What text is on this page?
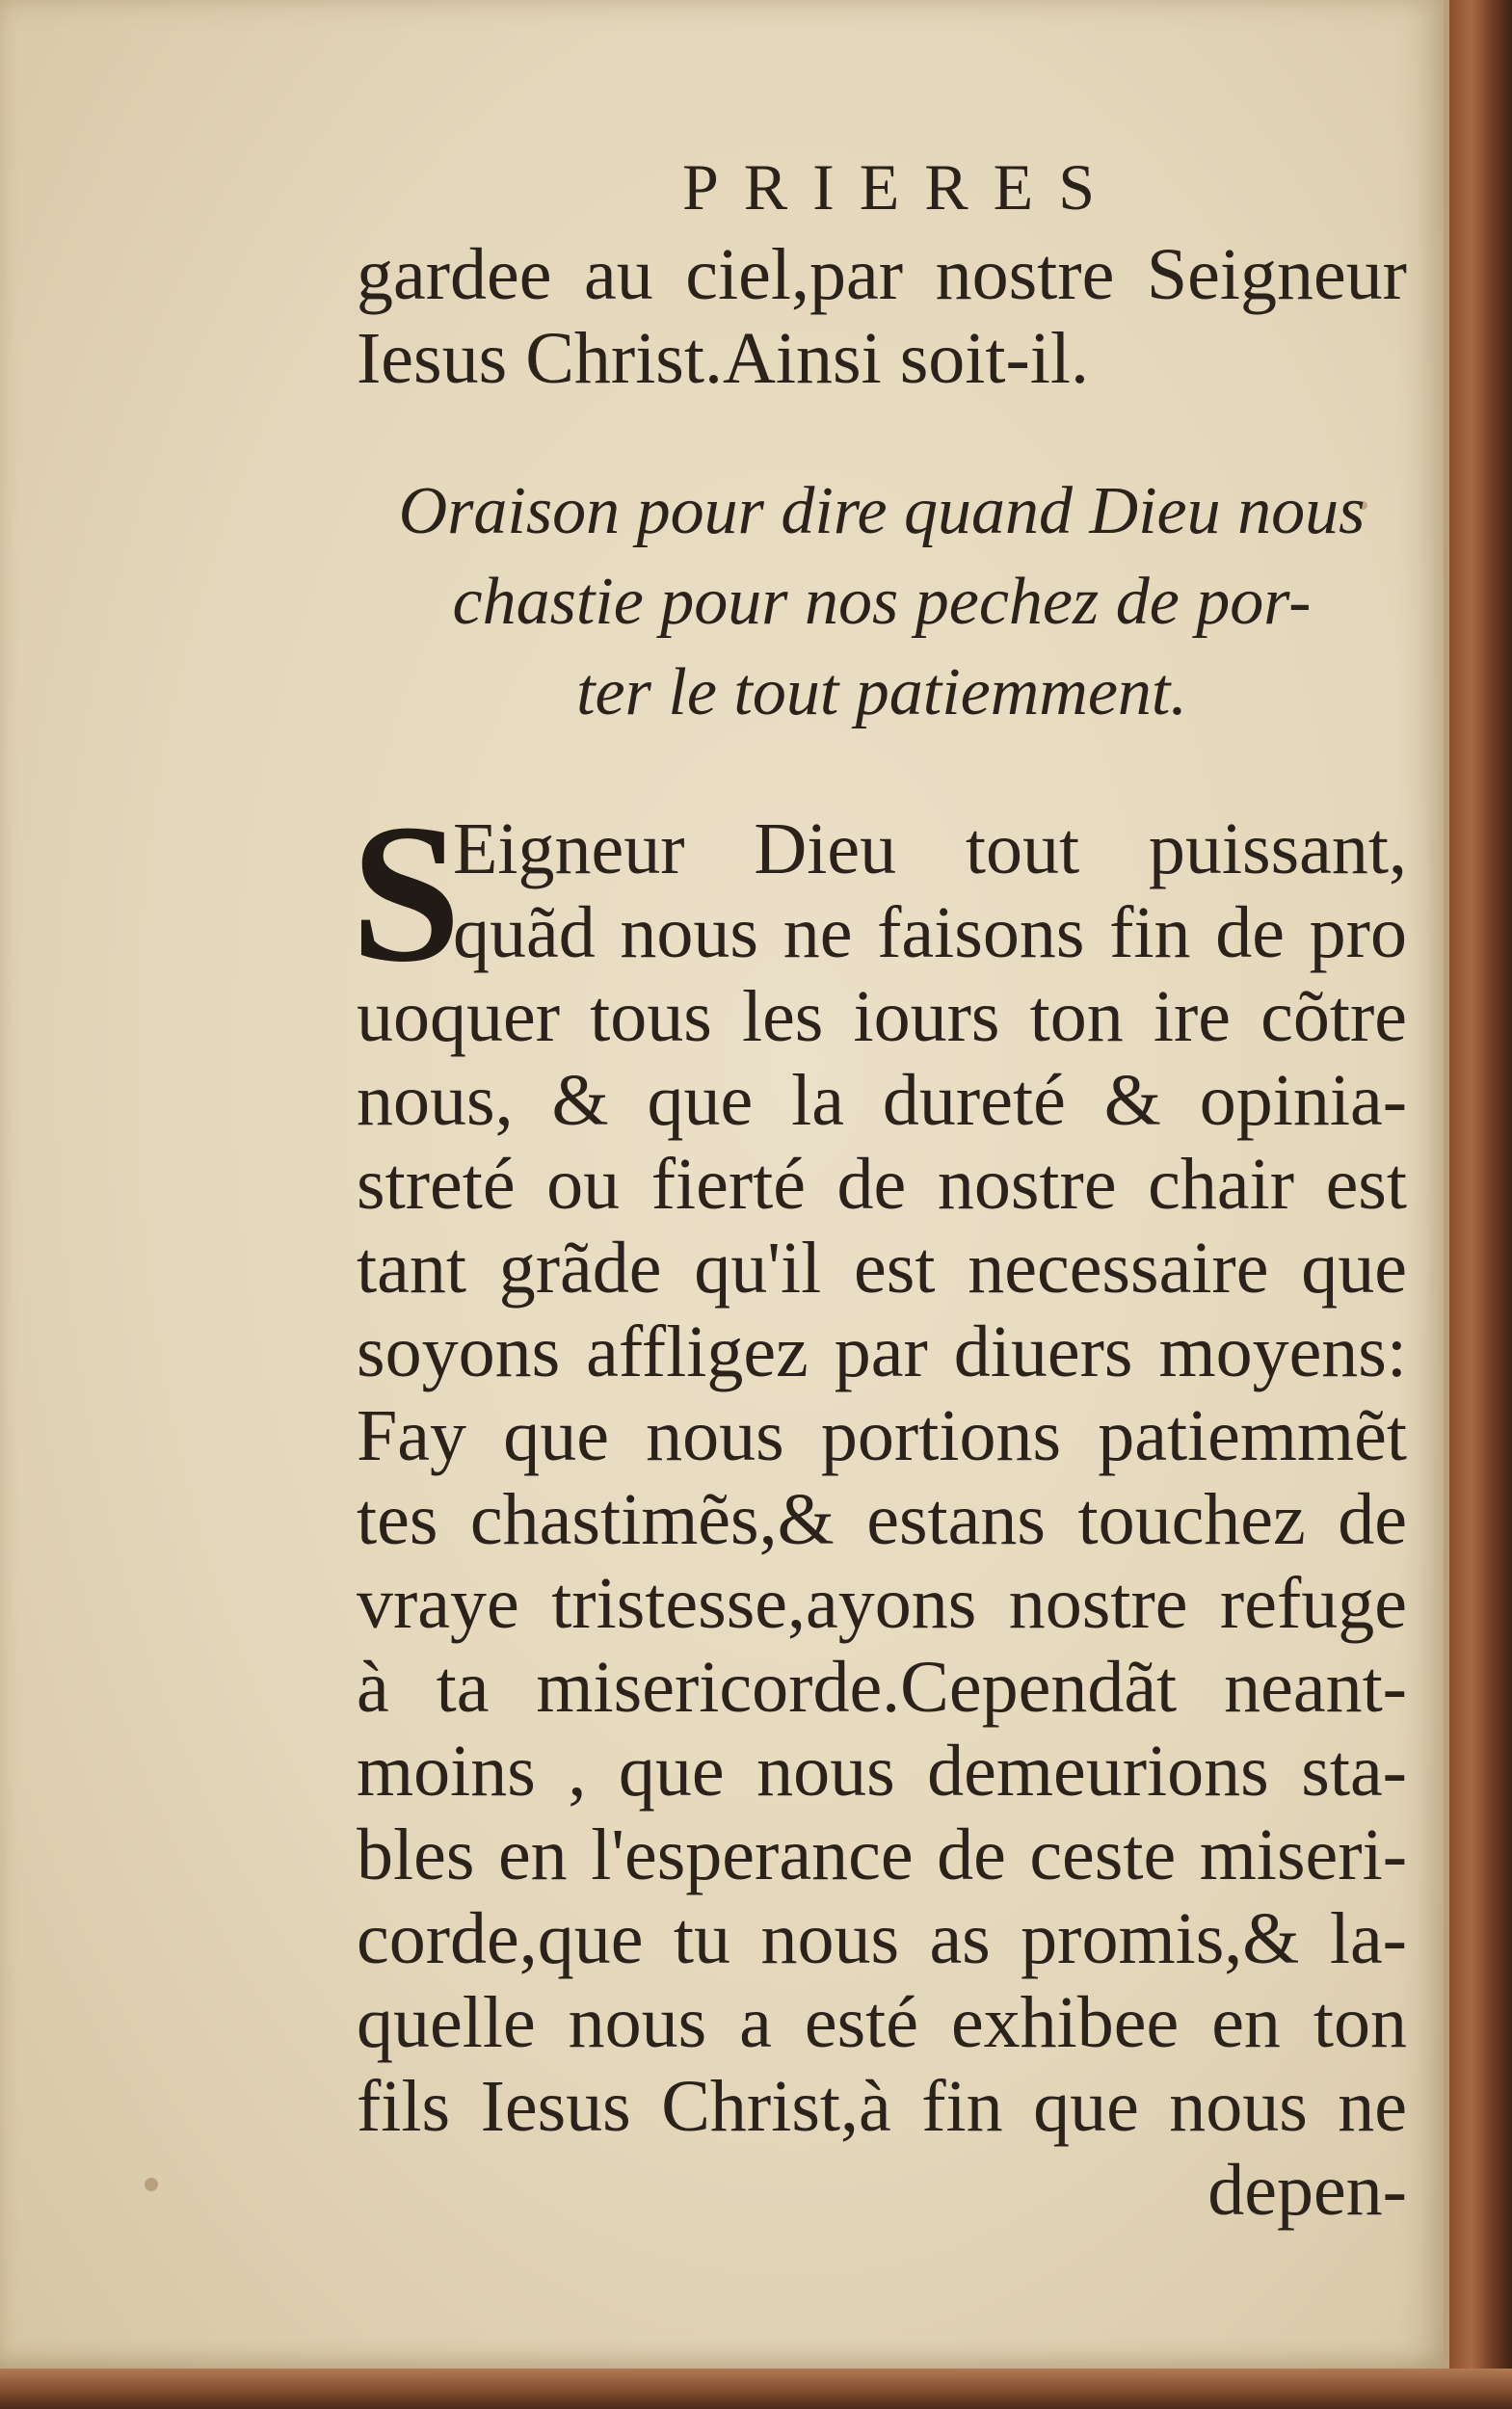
PRIERES
gardee au ciel,par nostre Seigneur
Iesus Christ.Ainsi soit-il.
Oraison pour dire quand Dieu nous
chastie pour nos pechez de por-
ter le tout patiemment.
S
Eigneur Dieu tout puissant,
quãd nous ne faisons fin de pro
uoquer tous les iours ton ire cõtre
nous, & que la dureté & opinia-
streté ou fierté de nostre chair est
tant grãde qu'il est necessaire que
soyons affligez par diuers moyens:
Fay que nous portions patiemmẽt
tes chastimẽs,& estans touchez de
vraye tristesse,ayons nostre refuge
à ta misericorde.Cependãt neant-
moins , que nous demeurions sta-
bles en l'esperance de ceste miseri-
corde,que tu nous as promis,& la-
quelle nous a esté exhibee en ton
fils Iesus Christ,à fin que nous ne
depen-
